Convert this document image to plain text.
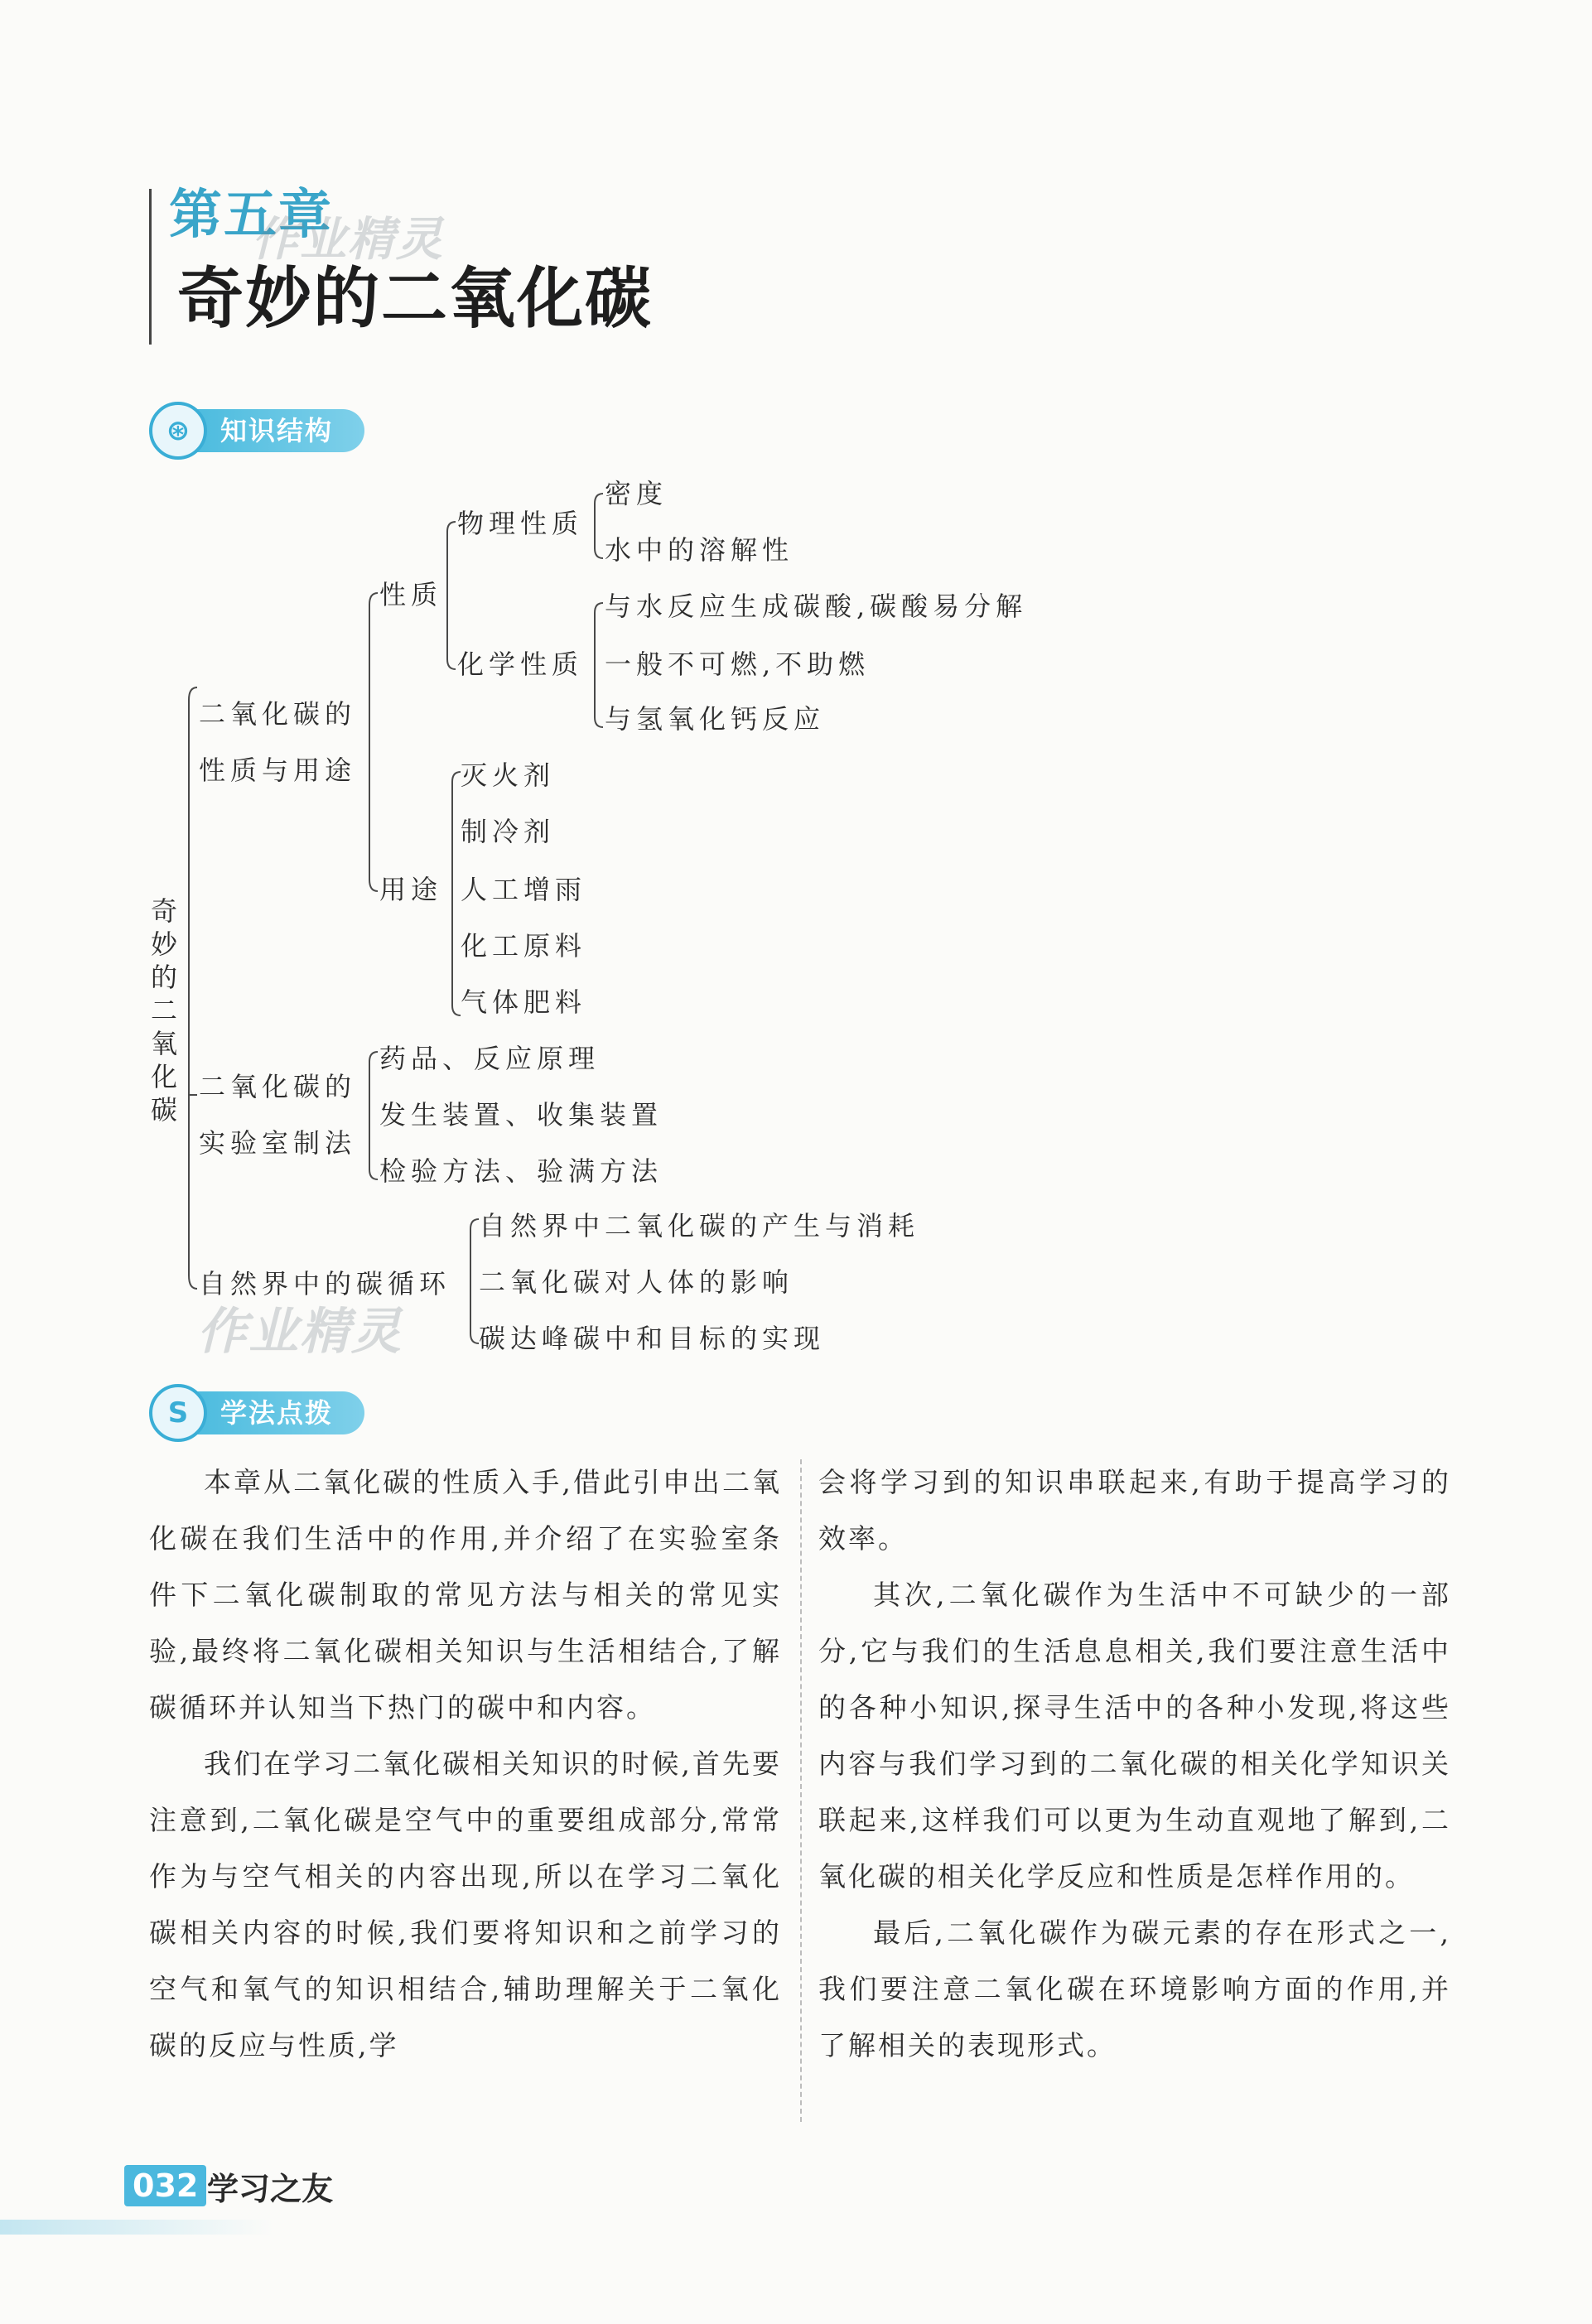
第五章
奇妙的二氧化碳
作业精灵
⊛	知识结构
奇妙的二氧化碳
二氧化碳的
性质与用途
性质
物理性质
密度
水中的溶解性
化学性质
与水反应生成碳酸,碳酸易分解
一般不可燃,不助燃
与氢氧化钙反应
用途
灭火剂
制冷剂
人工增雨
化工原料
气体肥料
二氧化碳的
实验室制法
药品、反应原理
发生装置、收集装置
检验方法、验满方法
自然界中的碳循环
自然界中二氧化碳的产生与消耗
二氧化碳对人体的影响
碳达峰碳中和目标的实现
作业精灵
S	学法点拨

本章从二氧化碳的性质入手,借此引申出二氧化碳在我们生活中的作用,并介绍了在实验室条件下二氧化碳制取的常见方法与相关的常见实验,最终将二氧化碳相关知识与生活相结合,了解碳循环并认知当下热门的碳中和内容。

我们在学习二氧化碳相关知识的时候,首先要注意到,二氧化碳是空气中的重要组成部分,常常作为与空气相关的内容出现,所以在学习二氧化碳相关内容的时候,我们要将知识和之前学习的空气和氧气的知识相结合,辅助理解关于二氧化碳的反应与性质,学

会将学习到的知识串联起来,有助于提高学习的效率。

其次,二氧化碳作为生活中不可缺少的一部分,它与我们的生活息息相关,我们要注意生活中的各种小知识,探寻生活中的各种小发现,将这些内容与我们学习到的二氧化碳的相关化学知识关联起来,这样我们可以更为生动直观地了解到,二氧化碳的相关化学反应和性质是怎样作用的。

最后,二氧化碳作为碳元素的存在形式之一,我们要注意二氧化碳在环境影响方面的作用,并了解相关的表现形式。

032 学习之友
